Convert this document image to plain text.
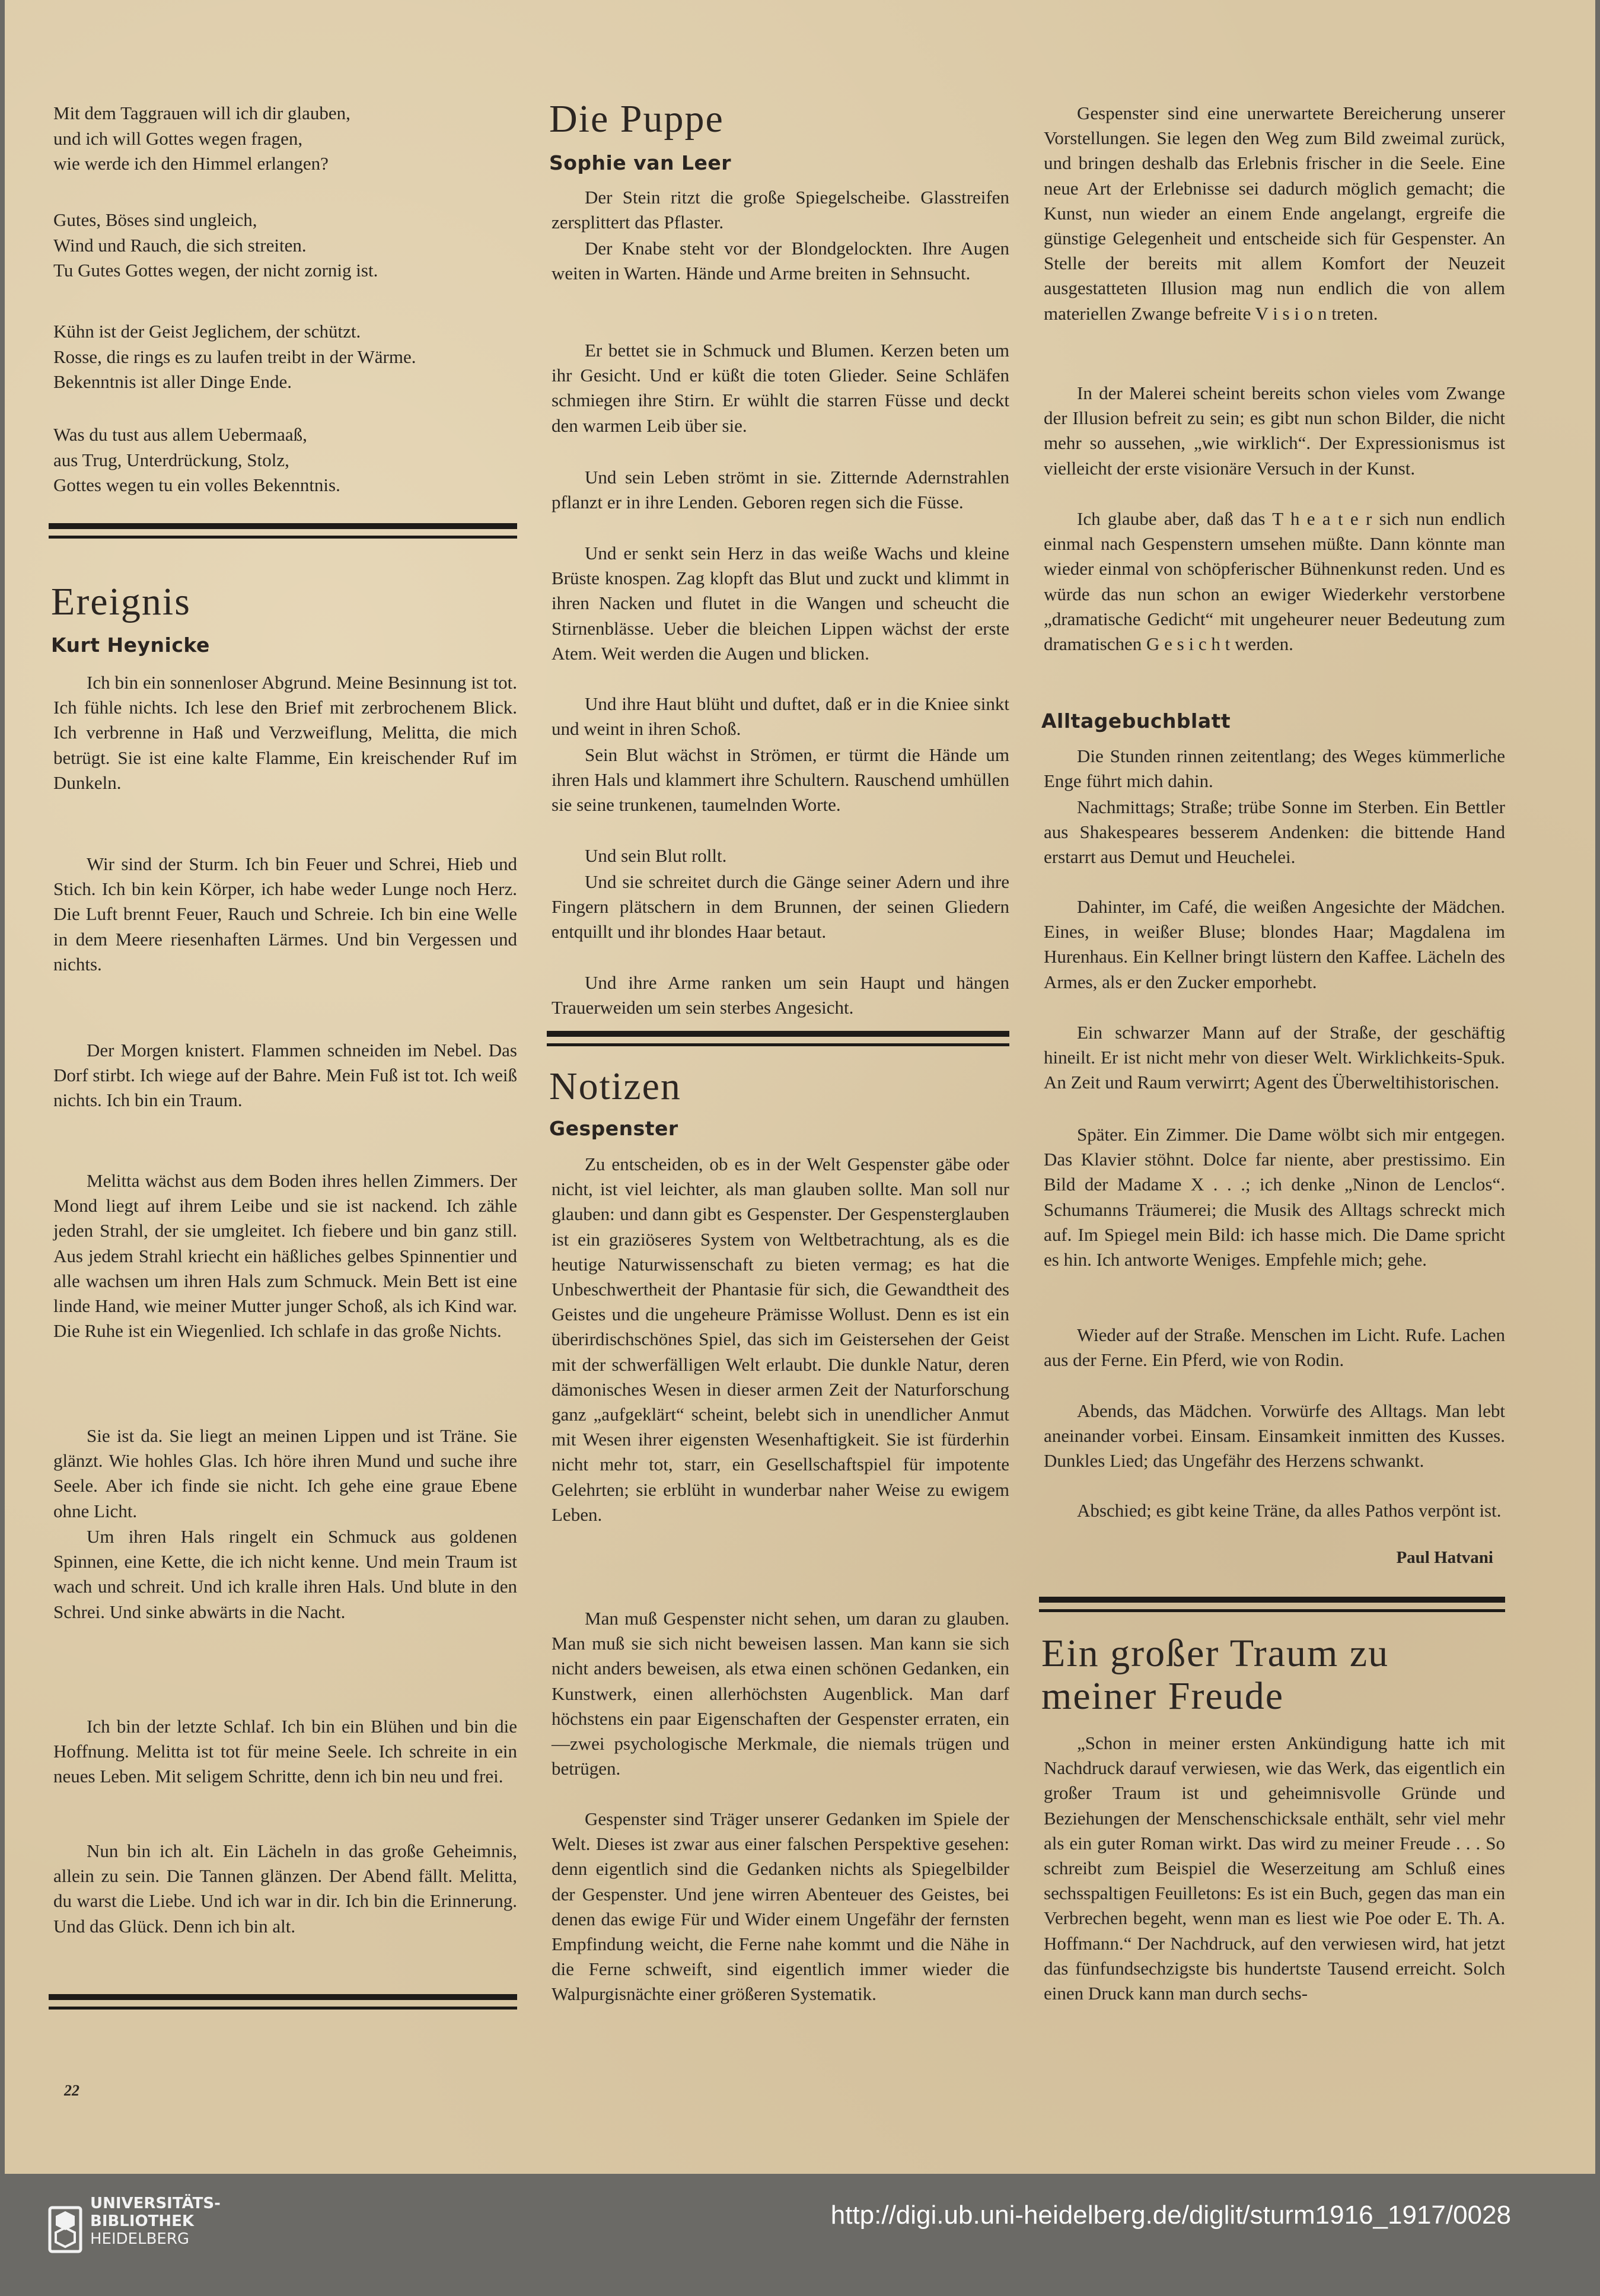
Mit dem Taggrauen will ich dir glauben,
und ich will Gottes wegen fragen,
wie werde ich den Himmel erlangen?
Gutes, Böses sind ungleich,
Wind und Rauch, die sich streiten.
Tu Gutes Gottes wegen, der nicht zornig ist.
Kühn ist der Geist Jeglichem, der schützt.
Rosse, die rings es zu laufen treibt in der Wärme.
Bekenntnis ist aller Dinge Ende.
Was du tust aus allem Uebermaaß,
aus Trug, Unterdrückung, Stolz,
Gottes wegen tu ein volles Bekenntnis.
Ereignis
Kurt Heynicke
Ich bin ein sonnenloser Abgrund. Meine Besinnung ist tot. Ich fühle nichts. Ich lese den Brief mit zerbrochenem Blick. Ich verbrenne in Haß und Verzweiflung, Melitta, die mich betrügt. Sie ist eine kalte Flamme, Ein kreischender Ruf im Dunkeln.
Wir sind der Sturm. Ich bin Feuer und Schrei, Hieb und Stich. Ich bin kein Körper, ich habe weder Lunge noch Herz. Die Luft brennt Feuer, Rauch und Schreie. Ich bin eine Welle in dem Meere riesenhaften Lärmes. Und bin Vergessen und nichts.
Der Morgen knistert. Flammen schneiden im Nebel. Das Dorf stirbt. Ich wiege auf der Bahre. Mein Fuß ist tot. Ich weiß nichts. Ich bin ein Traum.
Melitta wächst aus dem Boden ihres hellen Zimmers. Der Mond liegt auf ihrem Leibe und sie ist nackend. Ich zähle jeden Strahl, der sie umgleitet. Ich fiebere und bin ganz still. Aus jedem Strahl kriecht ein häßliches gelbes Spinnentier und alle wachsen um ihren Hals zum Schmuck. Mein Bett ist eine linde Hand, wie meiner Mutter junger Schoß, als ich Kind war. Die Ruhe ist ein Wiegenlied. Ich schlafe in das große Nichts.
Sie ist da. Sie liegt an meinen Lippen und ist Träne. Sie glänzt. Wie hohles Glas. Ich höre ihren Mund und suche ihre Seele. Aber ich finde sie nicht. Ich gehe eine graue Ebene ohne Licht.
Um ihren Hals ringelt ein Schmuck aus goldenen Spinnen, eine Kette, die ich nicht kenne. Und mein Traum ist wach und schreit. Und ich kralle ihren Hals. Und blute in den Schrei. Und sinke abwärts in die Nacht.
Ich bin der letzte Schlaf. Ich bin ein Blühen und bin die Hoffnung. Melitta ist tot für meine Seele. Ich schreite in ein neues Leben. Mit seligem Schritte, denn ich bin neu und frei.
Nun bin ich alt. Ein Lächeln in das große Geheimnis, allein zu sein. Die Tannen glänzen. Der Abend fällt. Melitta, du warst die Liebe. Und ich war in dir. Ich bin die Erinnerung. Und das Glück. Denn ich bin alt.
Die Puppe
Sophie van Leer
Der Stein ritzt die große Spiegelscheibe. Glasstreifen zersplittert das Pflaster.
Der Knabe steht vor der Blondgelockten. Ihre Augen weiten in Warten. Hände und Arme breiten in Sehnsucht.
Er bettet sie in Schmuck und Blumen. Kerzen beten um ihr Gesicht. Und er küßt die toten Glieder. Seine Schläfen schmiegen ihre Stirn. Er wühlt die starren Füsse und deckt den warmen Leib über sie.
Und sein Leben strömt in sie. Zitternde Adernstrahlen pflanzt er in ihre Lenden. Geboren regen sich die Füsse.
Und er senkt sein Herz in das weiße Wachs und kleine Brüste knospen. Zag klopft das Blut und zuckt und klimmt in ihren Nacken und flutet in die Wangen und scheucht die Stirnenblässe. Ueber die bleichen Lippen wächst der erste Atem. Weit werden die Augen und blicken.
Und ihre Haut blüht und duftet, daß er in die Kniee sinkt und weint in ihren Schoß.
Sein Blut wächst in Strömen, er türmt die Hände um ihren Hals und klammert ihre Schultern. Rauschend umhüllen sie seine trunkenen, taumelnden Worte.
Und sein Blut rollt.
Und sie schreitet durch die Gänge seiner Adern und ihre Fingern plätschern in dem Brunnen, der seinen Gliedern entquillt und ihr blondes Haar betaut.
Und ihre Arme ranken um sein Haupt und hängen Trauerweiden um sein sterbes Angesicht.
Notizen
Gespenster
Zu entscheiden, ob es in der Welt Gespenster gäbe oder nicht, ist viel leichter, als man glauben sollte. Man soll nur glauben: und dann gibt es Gespenster. Der Gespensterglauben ist ein graziöseres System von Weltbetrachtung, als es die heutige Naturwissenschaft zu bieten vermag; es hat die Unbeschwertheit der Phantasie für sich, die Gewandtheit des Geistes und die ungeheure Prämisse Wollust. Denn es ist ein überirdischschönes Spiel, das sich im Geistersehen der Geist mit der schwerfälligen Welt erlaubt. Die dunkle Natur, deren dämonisches Wesen in dieser armen Zeit der Naturforschung ganz „aufgeklärt“ scheint, belebt sich in unendlicher Anmut mit Wesen ihrer eigensten Wesenhaftigkeit. Sie ist fürderhin nicht mehr tot, starr, ein Gesellschaftspiel für impotente Gelehrten; sie erblüht in wunderbar naher Weise zu ewigem Leben.
Man muß Gespenster nicht sehen, um daran zu glauben. Man muß sie sich nicht beweisen lassen. Man kann sie sich nicht anders beweisen, als etwa einen schönen Gedanken, ein Kunstwerk, einen allerhöchsten Augenblick. Man darf höchstens ein paar Eigenschaften der Gespenster erraten, ein—zwei psychologische Merkmale, die niemals trügen und betrügen.
Gespenster sind Träger unserer Gedanken im Spiele der Welt. Dieses ist zwar aus einer falschen Perspektive gesehen: denn eigentlich sind die Gedanken nichts als Spiegelbilder der Gespenster. Und jene wirren Abenteuer des Geistes, bei denen das ewige Für und Wider einem Ungefähr der fernsten Empfindung weicht, die Ferne nahe kommt und die Nähe in die Ferne schweift, sind eigentlich immer wieder die Walpurgisnächte einer größeren Systematik.
Gespenster sind eine unerwartete Bereicherung unserer Vorstellungen. Sie legen den Weg zum Bild zweimal zurück, und bringen deshalb das Erlebnis frischer in die Seele. Eine neue Art der Erlebnisse sei dadurch möglich gemacht; die Kunst, nun wieder an einem Ende angelangt, ergreife die günstige Gelegenheit und entscheide sich für Gespenster. An Stelle der bereits mit allem Komfort der Neuzeit ausgestatteten Illusion mag nun endlich die von allem materiellen Zwange befreite V i s i o n treten.
In der Malerei scheint bereits schon vieles vom Zwange der Illusion befreit zu sein; es gibt nun schon Bilder, die nicht mehr so aussehen, „wie wirklich“. Der Expressionismus ist vielleicht der erste visionäre Versuch in der Kunst.
Ich glaube aber, daß das T h e a t e r sich nun endlich einmal nach Gespenstern umsehen müßte. Dann könnte man wieder einmal von schöpferischer Bühnenkunst reden. Und es würde das nun schon an ewiger Wiederkehr verstorbene „dramatische Gedicht“ mit ungeheurer neuer Bedeutung zum dramatischen G e s i c h t werden.
Alltagebuchblatt
Die Stunden rinnen zeitentlang; des Weges kümmerliche Enge führt mich dahin.
Nachmittags; Straße; trübe Sonne im Sterben. Ein Bettler aus Shakespeares besserem Andenken: die bittende Hand erstarrt aus Demut und Heuchelei.
Dahinter, im Café, die weißen Angesichte der Mädchen. Eines, in weißer Bluse; blondes Haar; Magdalena im Hurenhaus. Ein Kellner bringt lüstern den Kaffee. Lächeln des Armes, als er den Zucker emporhebt.
Ein schwarzer Mann auf der Straße, der geschäftig hineilt. Er ist nicht mehr von dieser Welt. Wirklichkeits-Spuk. An Zeit und Raum verwirrt; Agent des Überweltihistorischen.
Später. Ein Zimmer. Die Dame wölbt sich mir entgegen. Das Klavier stöhnt. Dolce far niente, aber prestissimo. Ein Bild der Madame X . . .; ich denke „Ninon de Lenclos“. Schumanns Träumerei; die Musik des Alltags schreckt mich auf. Im Spiegel mein Bild: ich hasse mich. Die Dame spricht es hin. Ich antworte Weniges. Empfehle mich; gehe.
Wieder auf der Straße. Menschen im Licht. Rufe. Lachen aus der Ferne. Ein Pferd, wie von Rodin.
Abends, das Mädchen. Vorwürfe des Alltags. Man lebt aneinander vorbei. Einsam. Einsamkeit inmitten des Kusses. Dunkles Lied; das Ungefähr des Herzens schwankt.
Abschied; es gibt keine Träne, da alles Pathos verpönt ist.
Paul Hatvani
Ein großer Traum zu meiner Freude
„Schon in meiner ersten Ankündigung hatte ich mit Nachdruck darauf verwiesen, wie das Werk, das eigentlich ein großer Traum ist und geheimnisvolle Gründe und Beziehungen der Menschenschicksale enthält, sehr viel mehr als ein guter Roman wirkt. Das wird zu meiner Freude . . . So schreibt zum Beispiel die Weserzeitung am Schluß eines sechsspaltigen Feuilletons: Es ist ein Buch, gegen das man ein Verbrechen begeht, wenn man es liest wie Poe oder E. Th. A. Hoffmann.“ Der Nachdruck, auf den verwiesen wird, hat jetzt das fünfundsechzigste bis hundertste Tausend erreicht. Solch einen Druck kann man durch sechs-
22
UNIVERSITÄTS-
BIBLIOTHEK
HEIDELBERG
http://digi.ub.uni-heidelberg.de/diglit/sturm1916_1917/0028
